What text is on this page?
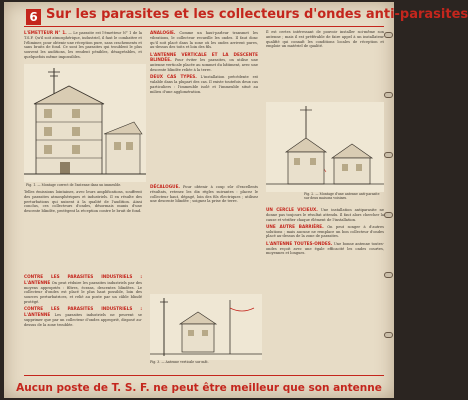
6 Sur les parasites et les collecteurs d'ondes anti-parasites

L'EMETTEUR N° 1. — Le parasite est l'émetteur N° 1 de la T.S.F. Qu'il soit atmosphérique, industriel, il faut le combattre et l'éliminer, pour obtenir une réception pure, sans crachements et sans bruits de fond. Ce sont les parasites qui troublent le plus souvent les auditions, les rendent pénibles, désagréables, et quelquefois même impossibles.

Fig. 1. — Montage correct de l'antenne dans un immeuble.

Telles émissions lointaines, avec leurs amplifications, souffrent des parasites atmosphériques et industriels. Il en résulte des perturbations qui nuisent à la qualité de l'audition. Ainsi conclus, ces collecteurs d'ondes, désormais munis d'une descente blindée, protègent la réception contre le bruit de fond.

CONTRE LES PARASITES INDUSTRIELS : L'ANTENNE On peut réduire les parasites industriels par des moyens appropriés : filtres, écrans, descentes blindées. Le collecteur d'ondes est placé le plus haut possible, loin des sources perturbatrices, et relié au poste par un câble blindé protégé.

CONTRE LES PARASITES INDUSTRIELS : L'ANTENNE Les parasites industriels ne peuvent se supprimer que par un collecteur d'ondes approprié, disposé au-dessus de la zone troublée.

ANALOGIE. Comme un haut-parleur transmet les vibrations, le collecteur recueille les ondes. Il faut donc qu'il soit placé dans la zone où les ondes arrivent pures, au-dessus des toits et loin des fils.

L'ANTENNE VERTICALE ET LA DESCENTE BLINDÉE. Pour éviter les parasites, on utilise une antenne verticale placée au sommet du bâtiment, avec une descente blindée reliée à la terre.

DEUX CAS TYPES. L'installation précédente est valable dans la plupart des cas. Il existe toutefois deux cas particuliers : l'immeuble isolé et l'immeuble situé au milieu d'une agglomération.

DÉCALOGUE. Pour obtenir à coup sûr d'excellents résultats, retenez les dix règles suivantes : placez le collecteur haut, dégagé, loin des fils électriques ; utilisez une descente blindée ; soignez la prise de terre.

Fig. 3. — Antenne verticale sur mât.
Fig. 2. — Montage d'une antenne anti-parasite sur deux maisons voisines.

Il est certes intéressant de pouvoir installer soi-même son antenne ; mais il est préférable de faire appel à un installateur qualifié qui connaît les conditions locales de réception et emploie un matériel de qualité.

UN CERCLE VICIEUX. Une installation antiparasite ne donne pas toujours le résultat attendu. Il faut alors chercher la cause et vérifier chaque élément de l'installation.

UNE AUTRE BARRIÈRE. On peut songer à d'autres solutions ; mais aucune ne remplace un bon collecteur d'ondes placé au-dessus de la zone de parasites.

L'ANTENNE TOUTES-ONDES. Une bonne antenne toutes-ondes reçoit avec une égale efficacité les ondes courtes, moyennes et longues.

Aucun poste de T. S. F. ne peut être meilleur que son antenne
